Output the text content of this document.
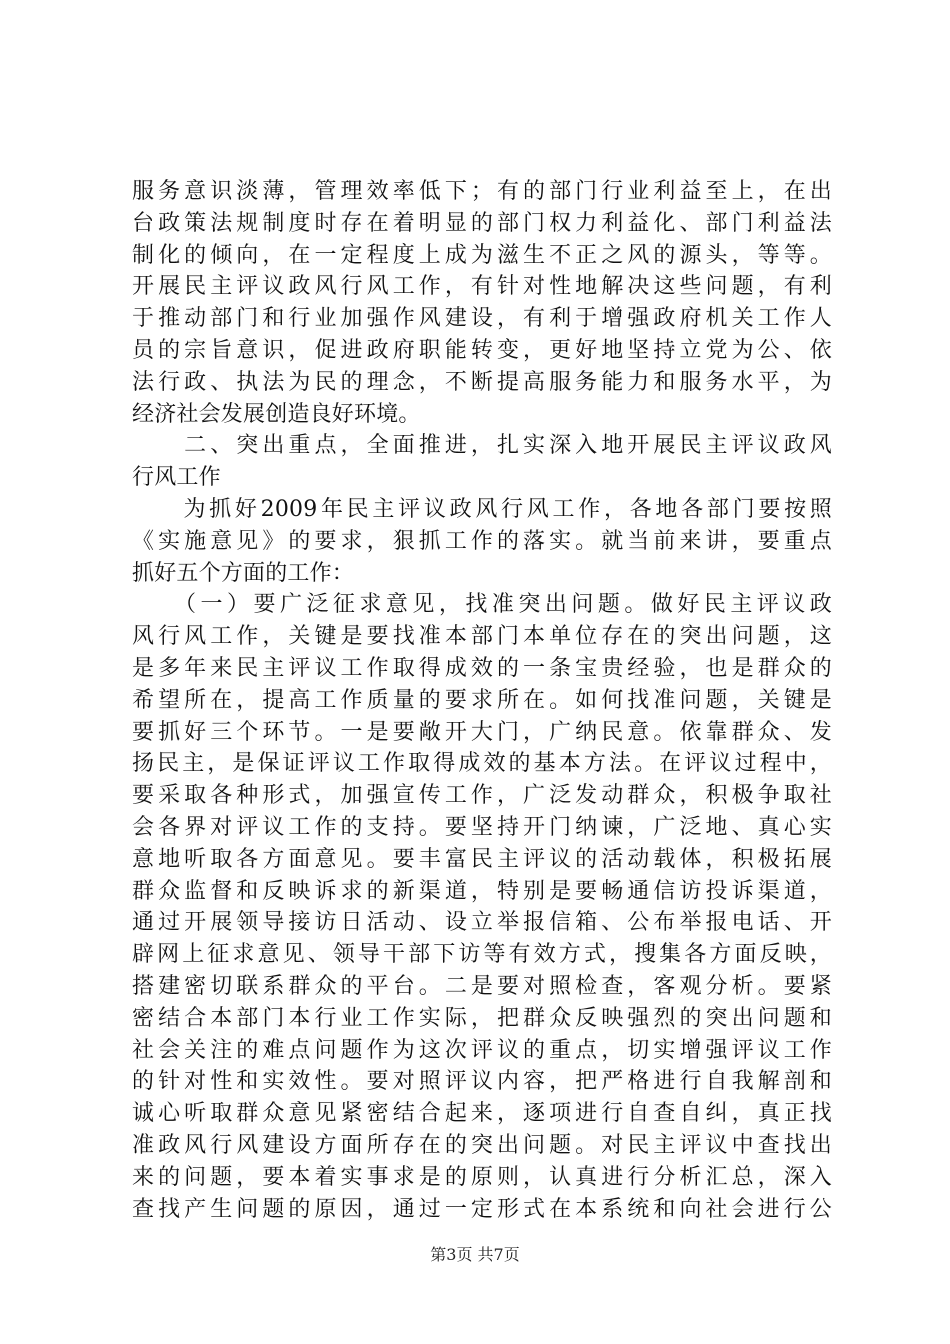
服务意识淡薄，管理效率低下；有的部门行业利益至上，在出
台政策法规制度时存在着明显的部门权力利益化、部门利益法
制化的倾向，在一定程度上成为滋生不正之风的源头，等等。
开展民主评议政风行风工作，有针对性地解决这些问题，有利
于推动部门和行业加强作风建设，有利于增强政府机关工作人
员的宗旨意识，促进政府职能转变，更好地坚持立党为公、依
法行政、执法为民的理念，不断提高服务能力和服务水平，为
经济社会发展创造良好环境。
　　二、突出重点，全面推进，扎实深入地开展民主评议政风
行风工作
　　为抓好2009年民主评议政风行风工作，各地各部门要按照
《实施意见》的要求，狠抓工作的落实。就当前来讲，要重点
抓好五个方面的工作：
　　（一）要广泛征求意见，找准突出问题。做好民主评议政
风行风工作，关键是要找准本部门本单位存在的突出问题，这
是多年来民主评议工作取得成效的一条宝贵经验，也是群众的
希望所在，提高工作质量的要求所在。如何找准问题，关键是
要抓好三个环节。一是要敞开大门，广纳民意。依靠群众、发
扬民主，是保证评议工作取得成效的基本方法。在评议过程中，
要采取各种形式，加强宣传工作，广泛发动群众，积极争取社
会各界对评议工作的支持。要坚持开门纳谏，广泛地、真心实
意地听取各方面意见。要丰富民主评议的活动载体，积极拓展
群众监督和反映诉求的新渠道，特别是要畅通信访投诉渠道，
通过开展领导接访日活动、设立举报信箱、公布举报电话、开
辟网上征求意见、领导干部下访等有效方式，搜集各方面反映，
搭建密切联系群众的平台。二是要对照检查，客观分析。要紧
密结合本部门本行业工作实际，把群众反映强烈的突出问题和
社会关注的难点问题作为这次评议的重点，切实增强评议工作
的针对性和实效性。要对照评议内容，把严格进行自我解剖和
诚心听取群众意见紧密结合起来，逐项进行自查自纠，真正找
准政风行风建设方面所存在的突出问题。对民主评议中查找出
来的问题，要本着实事求是的原则，认真进行分析汇总，深入
查找产生问题的原因，通过一定形式在本系统和向社会进行公
第3页 共7页
